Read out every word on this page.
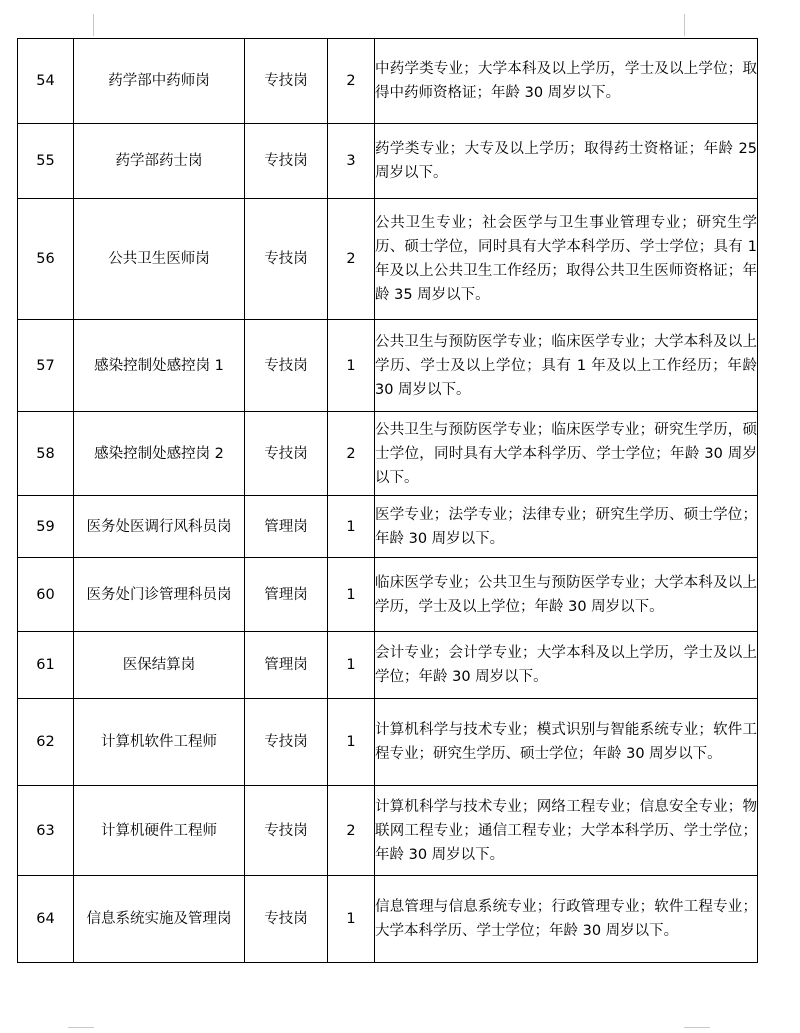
54	药学部中药师岗	专技岗	2	中药学类专业；大学本科及以上学历，学士及以上学位；取得中药师资格证；年龄 30 周岁以下。
55	药学部药士岗	专技岗	3	药学类专业；大专及以上学历；取得药士资格证；年龄 25 周岁以下。
56	公共卫生医师岗	专技岗	2	公共卫生专业；社会医学与卫生事业管理专业；研究生学历、硕士学位，同时具有大学本科学历、学士学位；具有 1 年及以上公共卫生工作经历；取得公共卫生医师资格证；年龄 35 周岁以下。
57	感染控制处感控岗 1	专技岗	1	公共卫生与预防医学专业；临床医学专业；大学本科及以上学历、学士及以上学位；具有 1 年及以上工作经历；年龄 30 周岁以下。
58	感染控制处感控岗 2	专技岗	2	公共卫生与预防医学专业；临床医学专业；研究生学历，硕士学位，同时具有大学本科学历、学士学位；年龄 30 周岁以下。
59	医务处医调行风科员岗	管理岗	1	医学专业；法学专业；法律专业；研究生学历、硕士学位；年龄 30 周岁以下。
60	医务处门诊管理科员岗	管理岗	1	临床医学专业；公共卫生与预防医学专业；大学本科及以上学历，学士及以上学位；年龄 30 周岁以下。
61	医保结算岗	管理岗	1	会计专业；会计学专业；大学本科及以上学历，学士及以上学位；年龄 30 周岁以下。
62	计算机软件工程师	专技岗	1	计算机科学与技术专业；模式识别与智能系统专业；软件工程专业；研究生学历、硕士学位；年龄 30 周岁以下。
63	计算机硬件工程师	专技岗	2	计算机科学与技术专业；网络工程专业；信息安全专业；物联网工程专业；通信工程专业；大学本科学历、学士学位；年龄 30 周岁以下。
64	信息系统实施及管理岗	专技岗	1	信息管理与信息系统专业；行政管理专业；软件工程专业；大学本科学历、学士学位；年龄 30 周岁以下。
